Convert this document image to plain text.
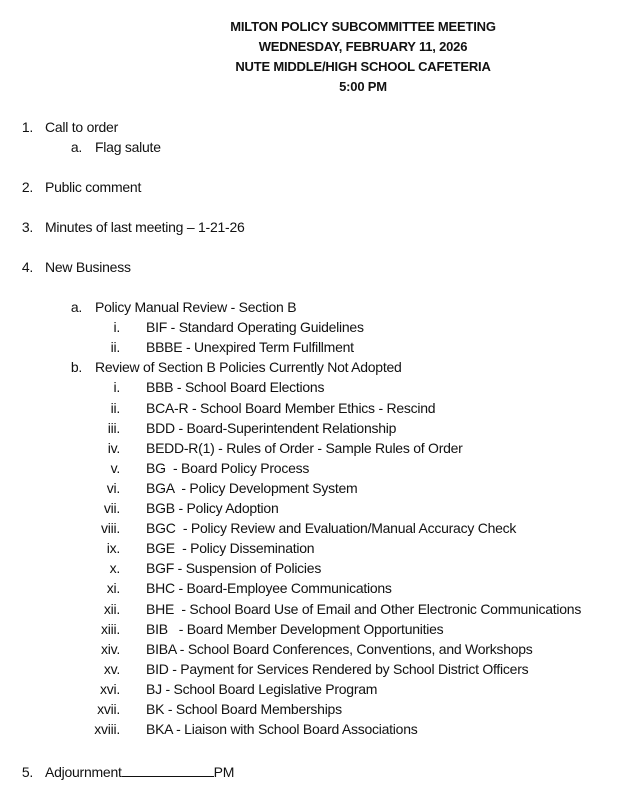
MILTON POLICY SUBCOMMITTEE MEETING
WEDNESDAY, FEBRUARY 11, 2026
NUTE MIDDLE/HIGH SCHOOL CAFETERIA
5:00 PM
1. Call to order
2. Public comment
3. Minutes of last meeting – 1-21-26
4. New Business
5. Adjournment	PM
a. Flag salute
a. Policy Manual Review - Section B
i. BIF - Standard Operating Guidelines
ii. BBBE - Unexpired Term Fulfillment
b. Review of Section B Policies Currently Not Adopted
i. BBB - School Board Elections
ii. BCA-R - School Board Member Ethics - Rescind
iii. BDD - Board-Superintendent Relationship
iv. BEDD-R(1) - Rules of Order - Sample Rules of Order
v. BG  - Board Policy Process
vi. BGA  - Policy Development System
vii. BGB - Policy Adoption
viii. BGC  - Policy Review and Evaluation/Manual Accuracy Check
ix. BGE  - Policy Dissemination
x. BGF - Suspension of Policies
xi. BHC - Board-Employee Communications
xii. BHE  - School Board Use of Email and Other Electronic Communications
xiii. BIB   - Board Member Development Opportunities
xiv. BIBA - School Board Conferences, Conventions, and Workshops
xv. BID - Payment for Services Rendered by School District Officers
xvi. BJ - School Board Legislative Program
xvii. BK - School Board Memberships
xviii. BKA - Liaison with School Board Associations
